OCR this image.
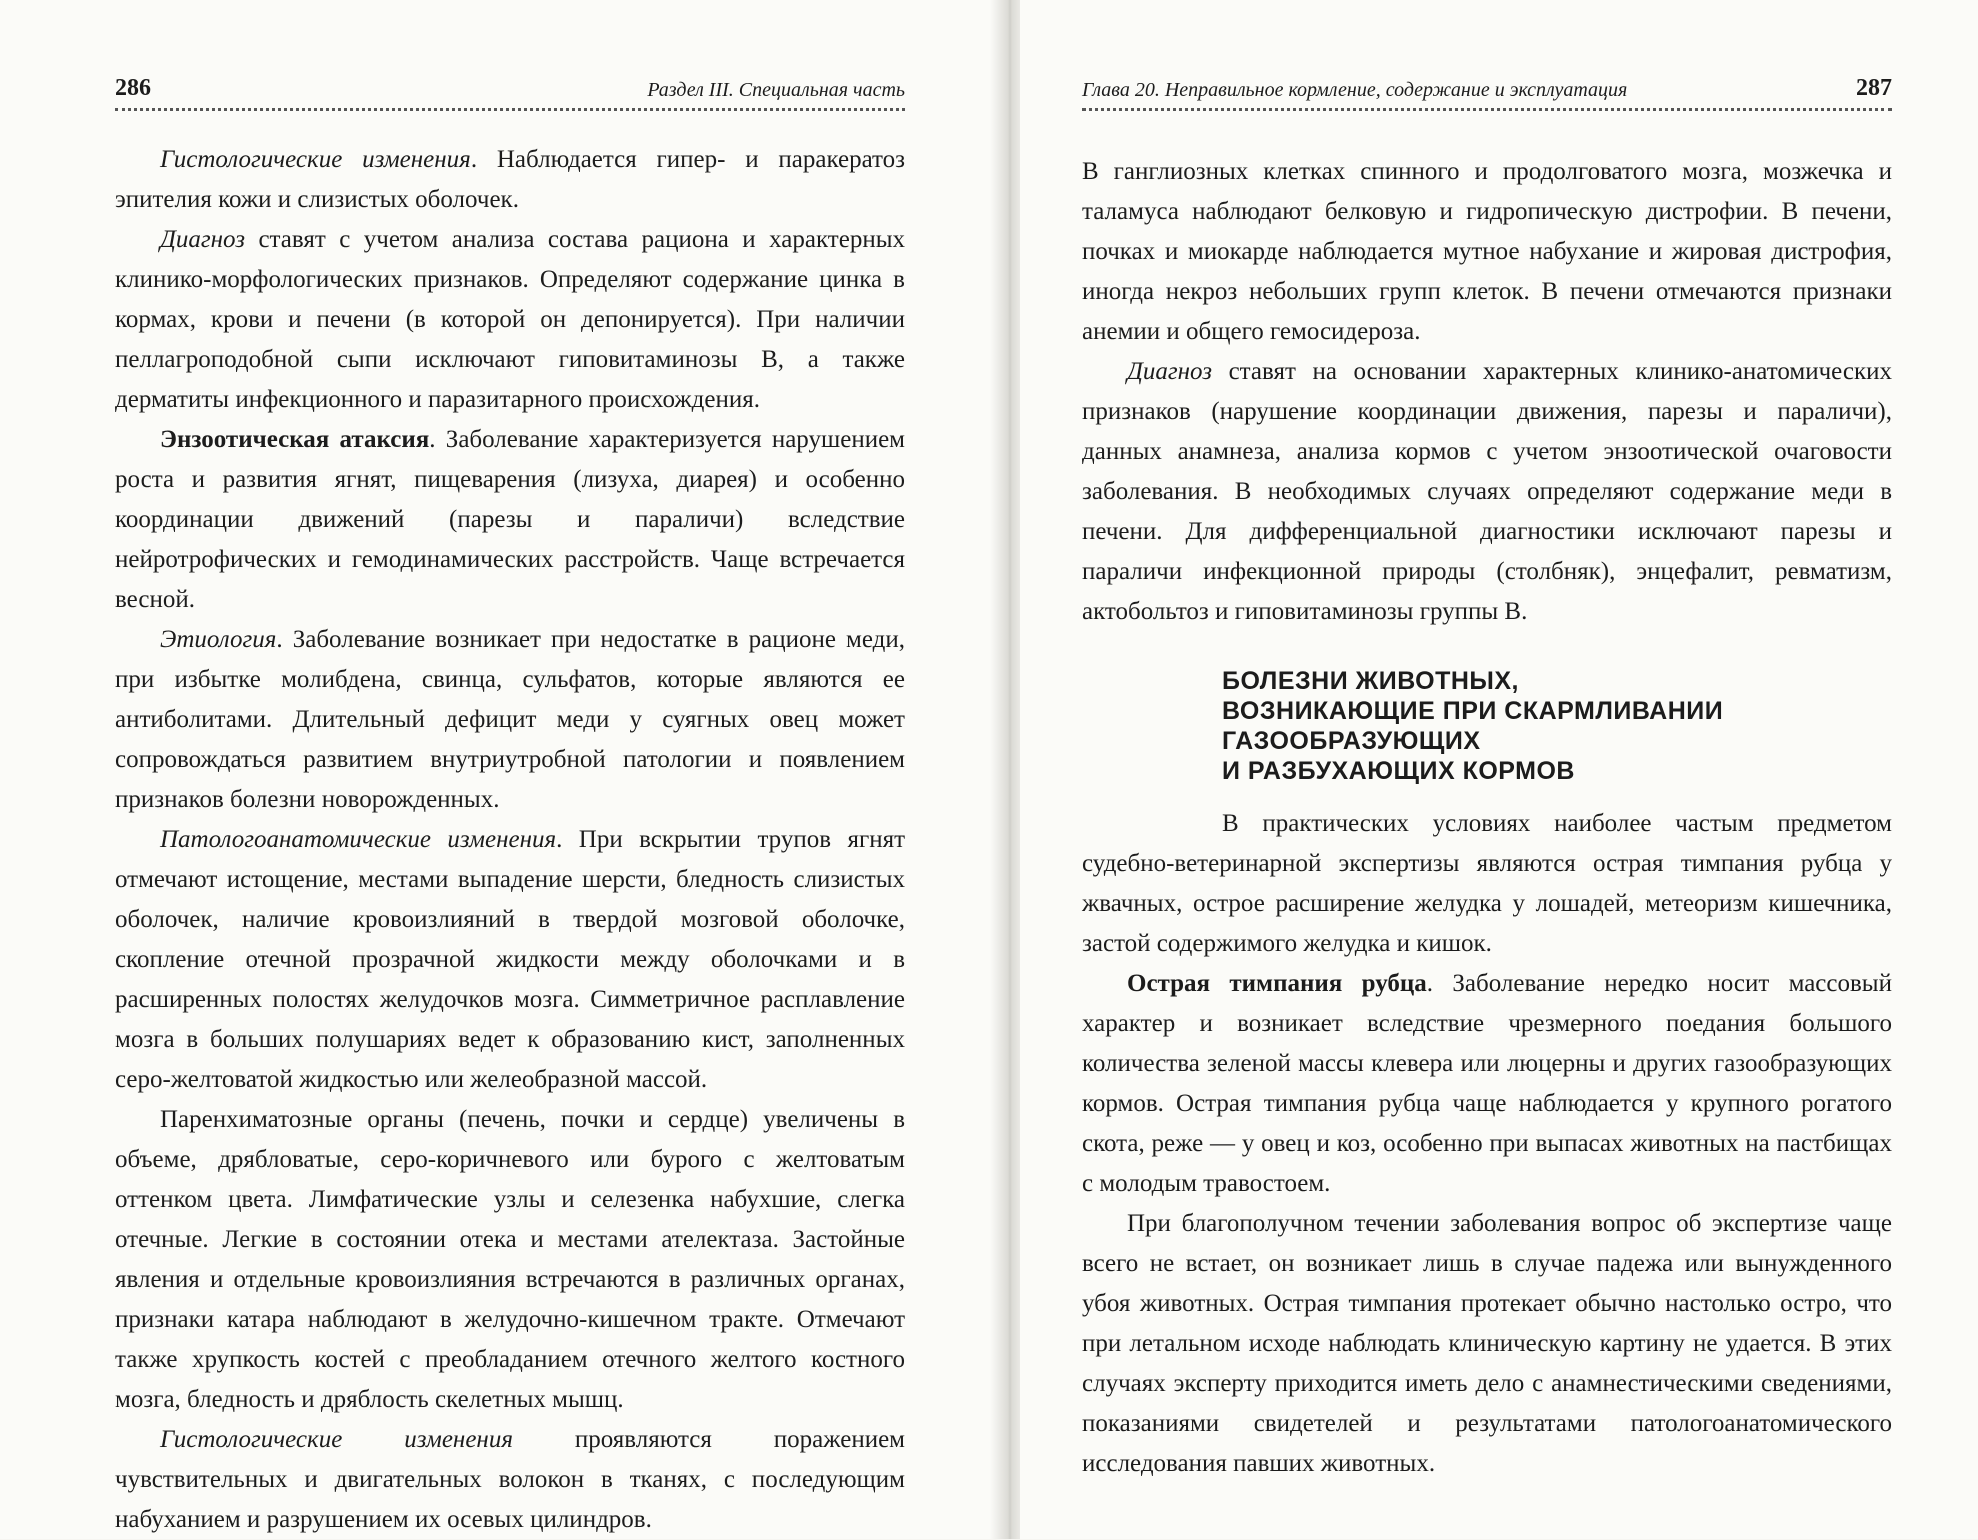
286	Раздел III. Специальная часть

Гистологические изменения. Наблюдается гипер- и паракератоз эпителия кожи и слизистых оболочек.

Диагноз ставят с учетом анализа состава рациона и характерных клинико-морфологических признаков. Определяют содержание цинка в кормах, крови и печени (в которой он депонируется). При наличии пеллагроподобной сыпи исключают гиповитаминозы В, а также дерматиты инфекционного и паразитарного происхождения.

Энзоотическая атаксия. Заболевание характеризуется нарушением роста и развития ягнят, пищеварения (лизуха, диарея) и особенно координации движений (парезы и параличи) вследствие нейротрофических и гемодинамических расстройств. Чаще встречается весной.

Этиология. Заболевание возникает при недостатке в рационе меди, при избытке молибдена, свинца, сульфатов, которые являются ее антиболитами. Длительный дефицит меди у суягных овец может сопровождаться развитием внутриутробной патологии и появлением признаков болезни новорожденных.

Патологоанатомические изменения. При вскрытии трупов ягнят отмечают истощение, местами выпадение шерсти, бледность слизистых оболочек, наличие кровоизлияний в твердой мозговой оболочке, скопление отечной прозрачной жидкости между оболочками и в расширенных полостях желудочков мозга. Симметричное расплавление мозга в больших полушариях ведет к образованию кист, заполненных серо-желтоватой жидкостью или желеобразной массой.

Паренхиматозные органы (печень, почки и сердце) увеличены в объеме, дрябловатые, серо-коричневого или бурого с желтоватым оттенком цвета. Лимфатические узлы и селезенка набухшие, слегка отечные. Легкие в состоянии отека и местами ателектаза. Застойные явления и отдельные кровоизлияния встречаются в различных органах, признаки катара наблюдают в желудочно-кишечном тракте. Отмечают также хрупкость костей с преобладанием отечного желтого костного мозга, бледность и дряблость скелетных мышц.

Гистологические изменения проявляются поражением чувствительных и двигательных волокон в тканях, с последующим набуханием и разрушением их осевых цилиндров.

Глава 20. Неправильное кормление, содержание и эксплуатация	287

В ганглиозных клетках спинного и продолговатого мозга, мозжечка и таламуса наблюдают белковую и гидропическую дистрофии. В печени, почках и миокарде наблюдается мутное набухание и жировая дистрофия, иногда некроз небольших групп клеток. В печени отмечаются признаки анемии и общего гемосидероза.

Диагноз ставят на основании характерных клинико-анатомических признаков (нарушение координации движения, парезы и параличи), данных анамнеза, анализа кормов с учетом энзоотической очаговости заболевания. В необходимых случаях определяют содержание меди в печени. Для дифференциальной диагностики исключают парезы и параличи инфекционной природы (столбняк), энцефалит, ревматизм, актобольтоз и гиповитаминозы группы В.

БОЛЕЗНИ ЖИВОТНЫХ,
ВОЗНИКАЮЩИЕ ПРИ СКАРМЛИВАНИИ
ГАЗООБРАЗУЮЩИХ
И РАЗБУХАЮЩИХ КОРМОВ

В практических условиях наиболее частым предметом судебно-ветеринарной экспертизы являются острая тимпания рубца у жвачных, острое расширение желудка у лошадей, метеоризм кишечника, застой содержимого желудка и кишок.

Острая тимпания рубца. Заболевание нередко носит массовый характер и возникает вследствие чрезмерного поедания большого количества зеленой массы клевера или люцерны и других газообразующих кормов. Острая тимпания рубца чаще наблюдается у крупного рогатого скота, реже — у овец и коз, особенно при выпасах животных на пастбищах с молодым травостоем.

При благополучном течении заболевания вопрос об экспертизе чаще всего не встает, он возникает лишь в случае падежа или вынужденного убоя животных. Острая тимпания протекает обычно настолько остро, что при летальном исходе наблюдать клиническую картину не удается. В этих случаях эксперту приходится иметь дело с анамнестическими сведениями, показаниями свидетелей и результатами патологоанатомического исследования павших животных.
